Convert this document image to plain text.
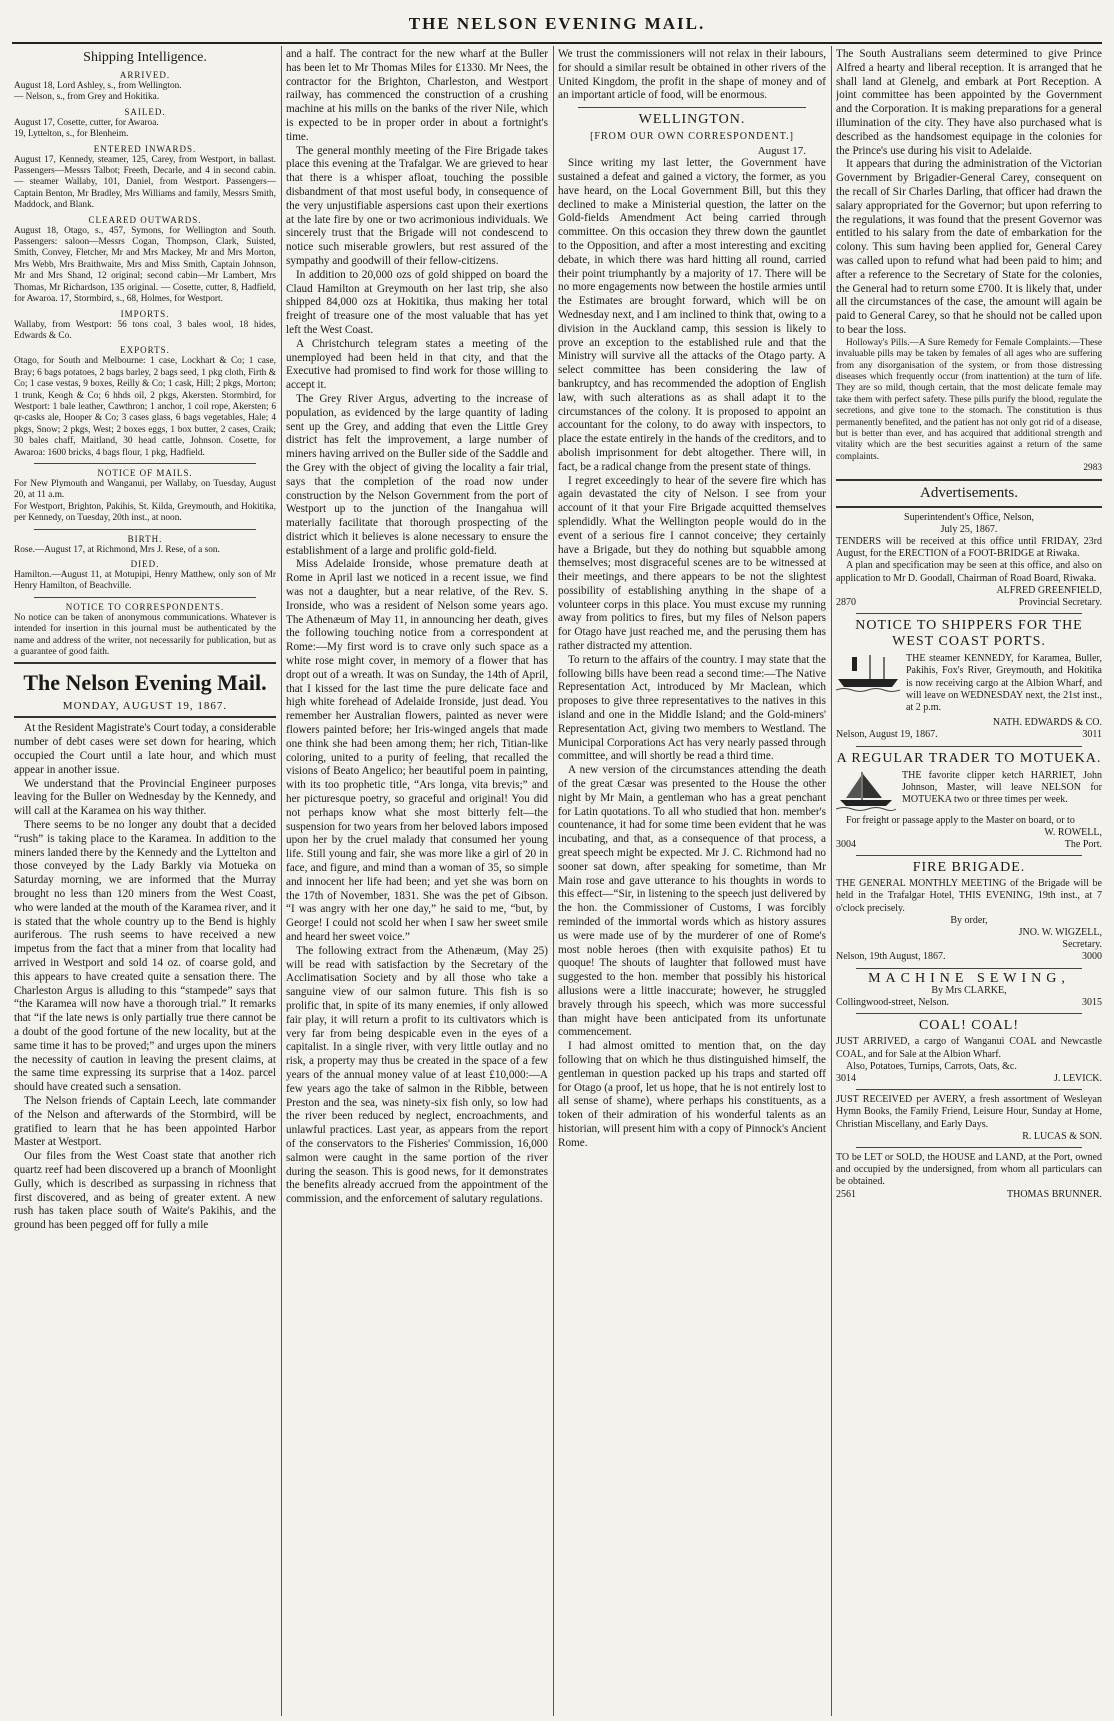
THE NELSON EVENING MAIL.
Shipping Intelligence.
ARRIVED.

August 18, Lord Ashley, s., from Wellington.

— Nelson, s., from Grey and Hokitika.

SAILED.

August 17, Cosette, cutter, for Awaroa.

19, Lyttelton, s., for Blenheim.

ENTERED INWARDS.

August 17, Kennedy, steamer, 125, Carey, from Westport, in ballast. Passengers—Messrs Talbot; Freeth, Decarle, and 4 in second cabin. — steamer Wallaby, 101, Daniel, from Westport. Passengers—Captain Benton, Mr Bradley, Mrs Williams and family, Messrs Smith, Maddock, and Blank.

CLEARED OUTWARDS.

August 18, Otago, s., 457, Symons, for Wellington and South. Passengers: saloon—Messrs Cogan, Thompson, Clark, Suisted, Smith, Convey, Fletcher, Mr and Mrs Mackey, Mr and Mrs Morton, Mrs Webb, Mrs Braithwaite, Mrs and Miss Smith, Captain Johnson, Mr and Mrs Shand, 12 original; second cabin—Mr Lambert, Mrs Thomas, Mr Richardson, 135 original. — Cosette, cutter, 8, Hadfield, for Awaroa. 17, Stormbird, s., 68, Holmes, for Westport.

IMPORTS.

Wallaby, from Westport: 56 tons coal, 3 bales wool, 18 hides, Edwards & Co.

EXPORTS.

Otago, for South and Melbourne: 1 case, Lockhart & Co; 1 case, Bray; 6 bags potatoes, 2 bags barley, 2 bags seed, 1 pkg cloth, Firth & Co; 1 case vestas, 9 boxes, Reilly & Co; 1 cask, Hill; 2 pkgs, Morton; 1 trunk, Keogh & Co; 6 hhds oil, 2 pkgs, Akersten. Stormbird, for Westport: 1 bale leather, Cawthron; 1 anchor, 1 coil rope, Akersten; 6 qr-casks ale, Hooper & Co; 3 cases glass, 6 bags vegetables, Hale; 4 pkgs, Snow; 2 pkgs, West; 2 boxes eggs, 1 box butter, 2 cases, Craik; 30 bales chaff, Maitland, 30 head cattle, Johnson. Cosette, for Awaroa: 1600 bricks, 4 bags flour, 1 pkg, Hadfield.

NOTICE OF MAILS.

For New Plymouth and Wanganui, per Wallaby, on Tuesday, August 20, at 11 a.m.

For Westport, Brighton, Pakihis, St. Kilda, Greymouth, and Hokitika, per Kennedy, on Tuesday, 20th inst., at noon.

BIRTH.

Rose.—August 17, at Richmond, Mrs J. Rese, of a son.

DIED.

Hamilton.—August 11, at Motupipi, Henry Matthew, only son of Mr Henry Hamilton, of Beachville.

NOTICE TO CORRESPONDENTS.

No notice can be taken of anonymous communications. Whatever is intended for insertion in this journal must be authenticated by the name and address of the writer, not necessarily for publication, but as a guarantee of good faith.

The Nelson Evening Mail.
MONDAY, AUGUST 19, 1867.

At the Resident Magistrate's Court today, a considerable number of debt cases were set down for hearing, which occupied the Court until a late hour, and which must appear in another issue.

We understand that the Provincial Engineer purposes leaving for the Buller on Wednesday by the Kennedy, and will call at the Karamea on his way thither.

There seems to be no longer any doubt that a decided “rush” is taking place to the Karamea. In addition to the miners landed there by the Kennedy and the Lyttelton and those conveyed by the Lady Barkly via Motueka on Saturday morning, we are informed that the Murray brought no less than 120 miners from the West Coast, who were landed at the mouth of the Karamea river, and it is stated that the whole country up to the Bend is highly auriferous. The rush seems to have received a new impetus from the fact that a miner from that locality had arrived in Westport and sold 14 oz. of coarse gold, and this appears to have created quite a sensation there. The Charleston Argus is alluding to this “stampede” says that “the Karamea will now have a thorough trial.” It remarks that “if the late news is only partially true there cannot be a doubt of the good fortune of the new locality, but at the same time it has to be proved;” and urges upon the miners the necessity of caution in leaving the present claims, at the same time expressing its surprise that a 14oz. parcel should have created such a sensation.

The Nelson friends of Captain Leech, late commander of the Nelson and afterwards of the Stormbird, will be gratified to learn that he has been appointed Harbor Master at Westport.

Our files from the West Coast state that another rich quartz reef had been discovered up a branch of Moonlight Gully, which is described as surpassing in richness that first discovered, and as being of greater extent. A new rush has taken place south of Waite's Pakihis, and the ground has been pegged off for fully a mile

and a half. The contract for the new wharf at the Buller has been let to Mr Thomas Miles for £1330. Mr Nees, the contractor for the Brighton, Charleston, and Westport railway, has commenced the construction of a crushing machine at his mills on the banks of the river Nile, which is expected to be in proper order in about a fortnight's time.

The general monthly meeting of the Fire Brigade takes place this evening at the Trafalgar. We are grieved to hear that there is a whisper afloat, touching the possible disbandment of that most useful body, in consequence of the very unjustifiable aspersions cast upon their exertions at the late fire by one or two acrimonious individuals. We sincerely trust that the Brigade will not condescend to notice such miserable growlers, but rest assured of the sympathy and goodwill of their fellow-citizens.

In addition to 20,000 ozs of gold shipped on board the Claud Hamilton at Greymouth on her last trip, she also shipped 84,000 ozs at Hokitika, thus making her total freight of treasure one of the most valuable that has yet left the West Coast.

A Christchurch telegram states a meeting of the unemployed had been held in that city, and that the Executive had promised to find work for those willing to accept it.

The Grey River Argus, adverting to the increase of population, as evidenced by the large quantity of lading sent up the Grey, and adding that even the Little Grey district has felt the improvement, a large number of miners having arrived on the Buller side of the Saddle and the Grey with the object of giving the locality a fair trial, says that the completion of the road now under construction by the Nelson Government from the port of Westport up to the junction of the Inangahua will materially facilitate that thorough prospecting of the district which it believes is alone necessary to ensure the establishment of a large and prolific gold-field.

Miss Adelaide Ironside, whose premature death at Rome in April last we noticed in a recent issue, we find was not a daughter, but a near relative, of the Rev. S. Ironside, who was a resident of Nelson some years ago. The Athenæum of May 11, in announcing her death, gives the following touching notice from a correspondent at Rome:—My first word is to crave only such space as a white rose might cover, in memory of a flower that has dropt out of a wreath. It was on Sunday, the 14th of April, that I kissed for the last time the pure delicate face and high white forehead of Adelaide Ironside, just dead. You remember her Australian flowers, painted as never were flowers painted before; her Iris-winged angels that made one think she had been among them; her rich, Titian-like coloring, united to a purity of feeling, that recalled the visions of Beato Angelico; her beautiful poem in painting, with its too prophetic title, “Ars longa, vita brevis;” and her picturesque poetry, so graceful and original! You did not perhaps know what she most bitterly felt—the suspension for two years from her beloved labors imposed upon her by the cruel malady that consumed her young life. Still young and fair, she was more like a girl of 20 in face, and figure, and mind than a woman of 35, so simple and innocent her life had been; and yet she was born on the 17th of November, 1831. She was the pet of Gibson. “I was angry with her one day,” he said to me, “but, by George! I could not scold her when I saw her sweet smile and heard her sweet voice.”

The following extract from the Athenæum, (May 25) will be read with satisfaction by the Secretary of the Acclimatisation Society and by all those who take a sanguine view of our salmon future. This fish is so prolific that, in spite of its many enemies, if only allowed fair play, it will return a profit to its cultivators which is very far from being despicable even in the eyes of a capitalist. In a single river, with very little outlay and no risk, a property may thus be created in the space of a few years of the annual money value of at least £10,000:—A few years ago the take of salmon in the Ribble, between Preston and the sea, was ninety-six fish only, so low had the river been reduced by neglect, encroachments, and unlawful practices. Last year, as appears from the report of the conservators to the Fisheries' Commission, 16,000 salmon were caught in the same portion of the river during the season. This is good news, for it demonstrates the benefits already accrued from the appointment of the commission, and the enforcement of salutary regulations.

We trust the commissioners will not relax in their labours, for should a similar result be obtained in other rivers of the United Kingdom, the profit in the shape of money and of an important article of food, will be enormous.

WELLINGTON.
[FROM OUR OWN CORRESPONDENT.]
August 17.

Since writing my last letter, the Government have sustained a defeat and gained a victory, the former, as you have heard, on the Local Government Bill, but this they declined to make a Ministerial question, the latter on the Gold-fields Amendment Act being carried through committee. On this occasion they threw down the gauntlet to the Opposition, and after a most interesting and exciting debate, in which there was hard hitting all round, carried their point triumphantly by a majority of 17. There will be no more engagements now between the hostile armies until the Estimates are brought forward, which will be on Wednesday next, and I am inclined to think that, owing to a division in the Auckland camp, this session is likely to prove an exception to the established rule and that the Ministry will survive all the attacks of the Otago party. A select committee has been considering the law of bankruptcy, and has recommended the adoption of English law, with such alterations as as shall adapt it to the circumstances of the colony. It is proposed to appoint an accountant for the colony, to do away with inspectors, to place the estate entirely in the hands of the creditors, and to abolish imprisonment for debt altogether. There will, in fact, be a radical change from the present state of things.

I regret exceedingly to hear of the severe fire which has again devastated the city of Nelson. I see from your account of it that your Fire Brigade acquitted themselves splendidly. What the Wellington people would do in the event of a serious fire I cannot conceive; they certainly have a Brigade, but they do nothing but squabble among themselves; most disgraceful scenes are to be witnessed at their meetings, and there appears to be not the slightest possibility of establishing anything in the shape of a volunteer corps in this place. You must excuse my running away from politics to fires, but my files of Nelson papers for Otago have just reached me, and the perusing them has rather distracted my attention.

To return to the affairs of the country. I may state that the following bills have been read a second time:—The Native Representation Act, introduced by Mr Maclean, which proposes to give three representatives to the natives in this island and one in the Middle Island; and the Gold-miners' Representation Act, giving two members to Westland. The Municipal Corporations Act has very nearly passed through committee, and will shortly be read a third time.

A new version of the circumstances attending the death of the great Cæsar was presented to the House the other night by Mr Main, a gentleman who has a great penchant for Latin quotations. To all who studied that hon. member's countenance, it had for some time been evident that he was incubating, and that, as a consequence of that process, a great speech might be expected. Mr J. C. Richmond had no sooner sat down, after speaking for sometime, than Mr Main rose and gave utterance to his thoughts in words to this effect—“Sir, in listening to the speech just delivered by the hon. the Commissioner of Customs, I was forcibly reminded of the immortal words which as history assures us were made use of by the murderer of one of Rome's most noble heroes (then with exquisite pathos) Et tu quoque! The shouts of laughter that followed must have suggested to the hon. member that possibly his historical allusions were a little inaccurate; however, he struggled bravely through his speech, which was more successful than might have been anticipated from its unfortunate commencement.

I had almost omitted to mention that, on the day following that on which he thus distinguished himself, the gentleman in question packed up his traps and started off for Otago (a proof, let us hope, that he is not entirely lost to all sense of shame), where perhaps his constituents, as a token of their admiration of his wonderful talents as an historian, will present him with a copy of Pinnock's Ancient Rome.

The South Australians seem determined to give Prince Alfred a hearty and liberal reception. It is arranged that he shall land at Glenelg, and embark at Port Reception. A joint committee has been appointed by the Government and the Corporation. It is making preparations for a general illumination of the city. They have also purchased what is described as the handsomest equipage in the colonies for the Prince's use during his visit to Adelaide.

It appears that during the administration of the Victorian Government by Brigadier-General Carey, consequent on the recall of Sir Charles Darling, that officer had drawn the salary appropriated for the Governor; but upon referring to the regulations, it was found that the present Governor was entitled to his salary from the date of embarkation for the colony. This sum having been applied for, General Carey was called upon to refund what had been paid to him; and after a reference to the Secretary of State for the colonies, the General had to return some £700. It is likely that, under all the circumstances of the case, the amount will again be paid to General Carey, so that he should not be called upon to bear the loss.

Holloway's Pills.—A Sure Remedy for Female Complaints.—These invaluable pills may be taken by females of all ages who are suffering from any disorganisation of the system, or from those distressing diseases which frequently occur (from inattention) at the turn of life. They are so mild, though certain, that the most delicate female may take them with perfect safety. These pills purify the blood, regulate the secretions, and give tone to the stomach. The constitution is thus permanently benefited, and the patient has not only got rid of a disease, but is better than ever, and has acquired that additional strength and vitality which are the best securities against a return of the same complaints.

2983
Advertisements.

Superintendent's Office, Nelson,

July 25, 1867.

TENDERS will be received at this office until FRIDAY, 23rd August, for the ERECTION of a FOOT-BRIDGE at Riwaka.

A plan and specification may be seen at this office, and also on application to Mr D. Goodall, Chairman of Road Board, Riwaka.

ALFRED GREENFIELD,

2870	Provincial Secretary.
NOTICE TO SHIPPERS FOR THE WEST COAST PORTS.

THE steamer KENNEDY, for Karamea, Buller, Pakihis, Fox's River, Greymouth, and Hokitika is now receiving cargo at the Albion Wharf, and will leave on WEDNESDAY next, the 21st inst., at 2 p.m.

NATH. EDWARDS & CO.

Nelson, August 19, 1867.	3011
A REGULAR TRADER TO MOTUEKA.

THE favorite clipper ketch HARRIET, John Johnson, Master, will leave NELSON for MOTUEKA two or three times per week.

For freight or passage apply to the Master on board, or to

W. ROWELL,

3004	The Port.
FIRE BRIGADE.

THE GENERAL MONTHLY MEETING of the Brigade will be held in the Trafalgar Hotel, THIS EVENING, 19th inst., at 7 o'clock precisely.

By order,

JNO. W. WIGZELL,

Secretary.

Nelson, 19th August, 1867.	3000

MACHINE SEWING,

By Mrs CLARKE,

Collingwood-street, Nelson.	3015
COAL! COAL!

JUST ARRIVED, a cargo of Wanganui COAL and Newcastle COAL, and for Sale at the Albion Wharf.

Also, Potatoes, Turnips, Carrots, Oats, &c.

3014	J. LEVICK.

JUST RECEIVED per AVERY, a fresh assortment of Wesleyan Hymn Books, the Family Friend, Leisure Hour, Sunday at Home, Christian Miscellany, and Early Days.

R. LUCAS & SON.

TO be LET or SOLD, the HOUSE and LAND, at the Port, owned and occupied by the undersigned, from whom all particulars can be obtained.

2561	THOMAS BRUNNER.
